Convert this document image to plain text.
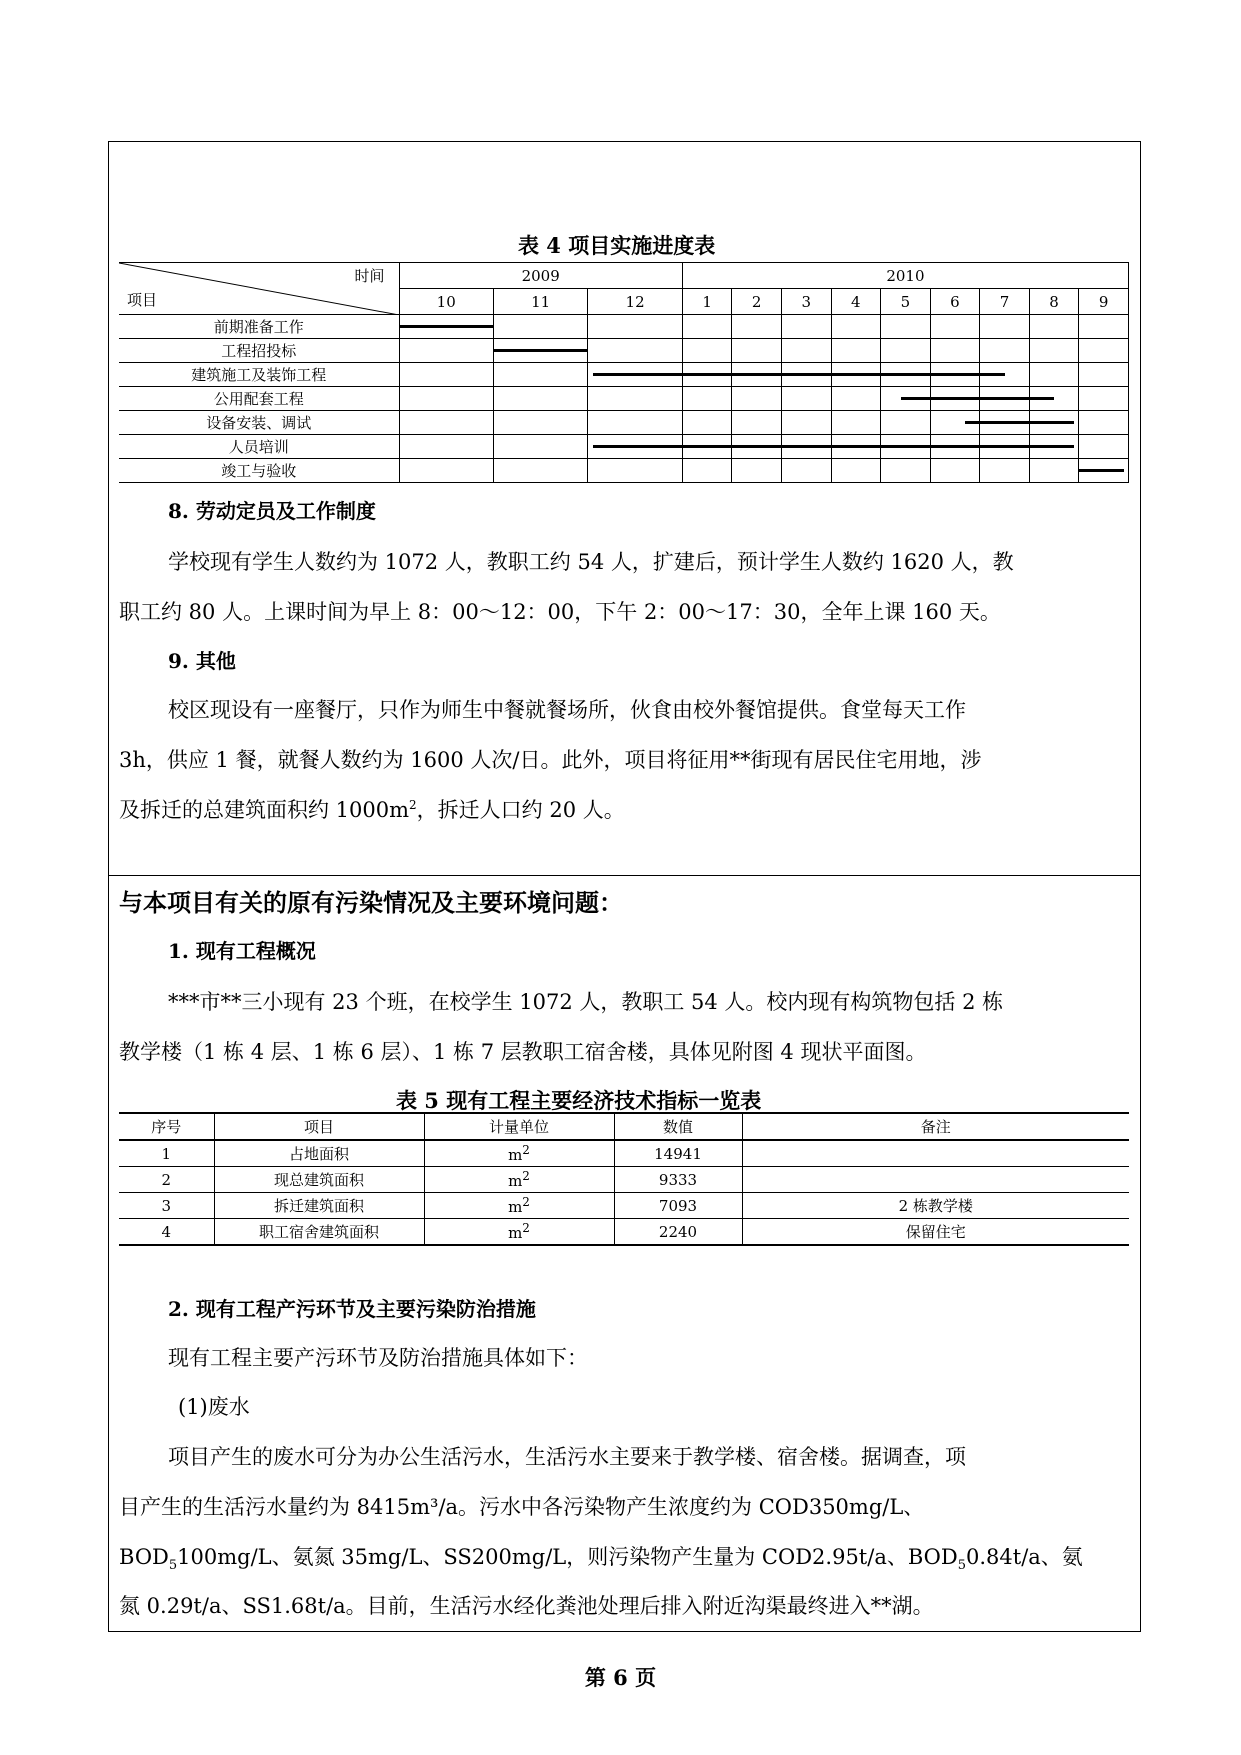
表 4 项目实施进度表
时间
项目	2009			2010								
	10	11	12	1	2	3	4	5	6	7	8	9
前期准备工作												
工程招投标												
建筑施工及装饰工程												
公用配套工程												
设备安装、调试												
人员培训												
竣工与验收												
8. 劳动定员及工作制度
学校现有学生人数约为 1072 人，教职工约 54 人，扩建后，预计学生人数约 1620 人，教
职工约 80 人。上课时间为早上 8：00～12：00，下午 2：00～17：30，全年上课 160 天。
9. 其他
校区现设有一座餐厅，只作为师生中餐就餐场所，伙食由校外餐馆提供。食堂每天工作
3h，供应 1 餐，就餐人数约为 1600 人次/日。此外，项目将征用**街现有居民住宅用地，涉
及拆迁的总建筑面积约 $1000m^2$，拆迁人口约 20 人。
与本项目有关的原有污染情况及主要环境问题：
1. 现有工程概况
***市**三小现有 23 个班，在校学生 1072 人，教职工 54 人。校内现有构筑物包括 2 栋
教学楼（1 栋 4 层、1 栋 6 层）、1 栋 7 层教职工宿舍楼，具体见附图 4 现状平面图。
表 5 现有工程主要经济技术指标一览表
序号	项目	计量单位	数值	备注
1	占地面积	$m^2$	14941	
2	现总建筑面积	$m^2$	9333	
3	拆迁建筑面积	$m^2$	7093	2 栋教学楼
4	职工宿舍建筑面积	$m^2$	2240	保留住宅
2. 现有工程产污环节及主要污染防治措施
现有工程主要产污环节及防治措施具体如下：
(1)废水
项目产生的废水可分为办公生活污水，生活污水主要来于教学楼、宿舍楼。据调查，项
目产生的生活污水量约为 8415m³/a。污水中各污染物产生浓度约为 COD350mg/L、
$BOD_5100mg/L$、氨氮 35mg/L、SS200mg/L，则污染物产生量为 COD2.95t/a、$BOD_50.84t/a$、氨
氮 0.29t/a、SS1.68t/a。目前，生活污水经化粪池处理后排入附近沟渠最终进入**湖。
第 6 页
